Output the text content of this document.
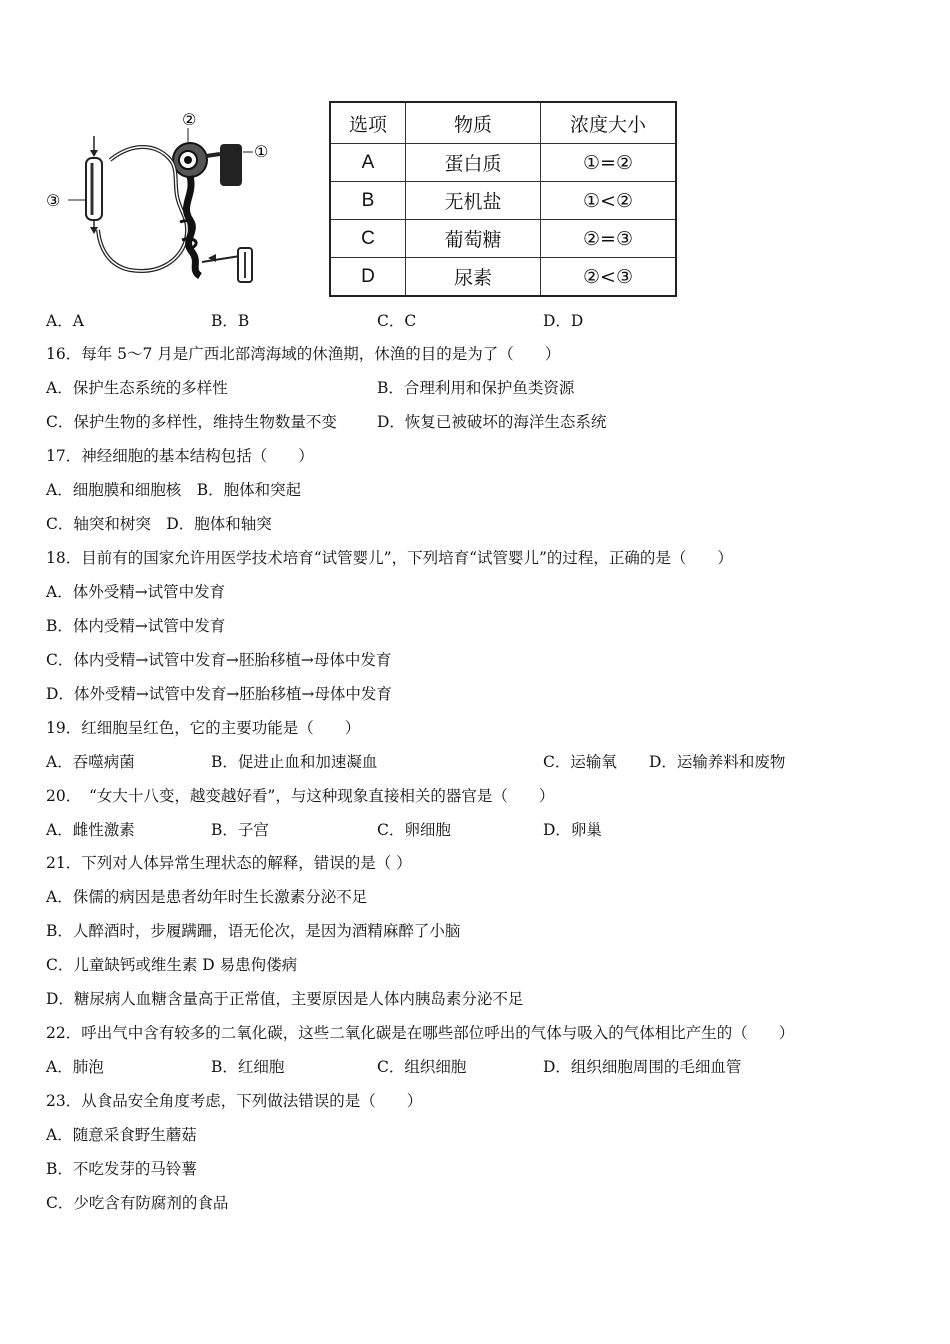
②
①
③
选项	物质	浓度大小
A	蛋白质	①=②
B	无机盐	①<②
C	葡萄糖	②=③
D	尿素	②<③
A．A	B．B	C．C	D．D
16．每年 5～7 月是广西北部湾海域的休渔期，休渔的目的是为了（　　）
A．保护生态系统的多样性	B．合理利用和保护鱼类资源
C．保护生物的多样性，维持生物数量不变	D．恢复已被破坏的海洋生态系统
17．神经细胞的基本结构包括（　　）
A．细胞膜和细胞核　B．胞体和突起
C．轴突和树突　D．胞体和轴突
18．目前有的国家允许用医学技术培育“试管婴儿”，下列培育“试管婴儿”的过程，正确的是（　　）
A．体外受精→试管中发育
B．体内受精→试管中发育
C．体内受精→试管中发育→胚胎移植→母体中发育
D．体外受精→试管中发育→胚胎移植→母体中发育
19．红细胞呈红色，它的主要功能是（　　）
A．吞噬病菌	B．促进止血和加速凝血	C．运输氧 D．运输养料和废物
20．　“女大十八变，越变越好看”，与这种现象直接相关的器官是（　　）
A．雌性激素	B．子宫	C．卵细胞	D．卵巢
21．下列对人体异常生理状态的解释，错误的是（ ）
A．侏儒的病因是患者幼年时生长激素分泌不足
B．人醉酒时，步履蹒跚，语无伦次，是因为酒精麻醉了小脑
C．儿童缺钙或维生素 D 易患佝偻病
D．糖尿病人血糖含量高于正常值，主要原因是人体内胰岛素分泌不足
22．呼出气中含有较多的二氧化碳，这些二氧化碳是在哪些部位呼出的气体与吸入的气体相比产生的（　　）
A．肺泡	B．红细胞	C．组织细胞	D．组织细胞周围的毛细血管
23．从食品安全角度考虑，下列做法错误的是（　　）
A．随意采食野生蘑菇
B．不吃发芽的马铃薯
C．少吃含有防腐剂的食品
